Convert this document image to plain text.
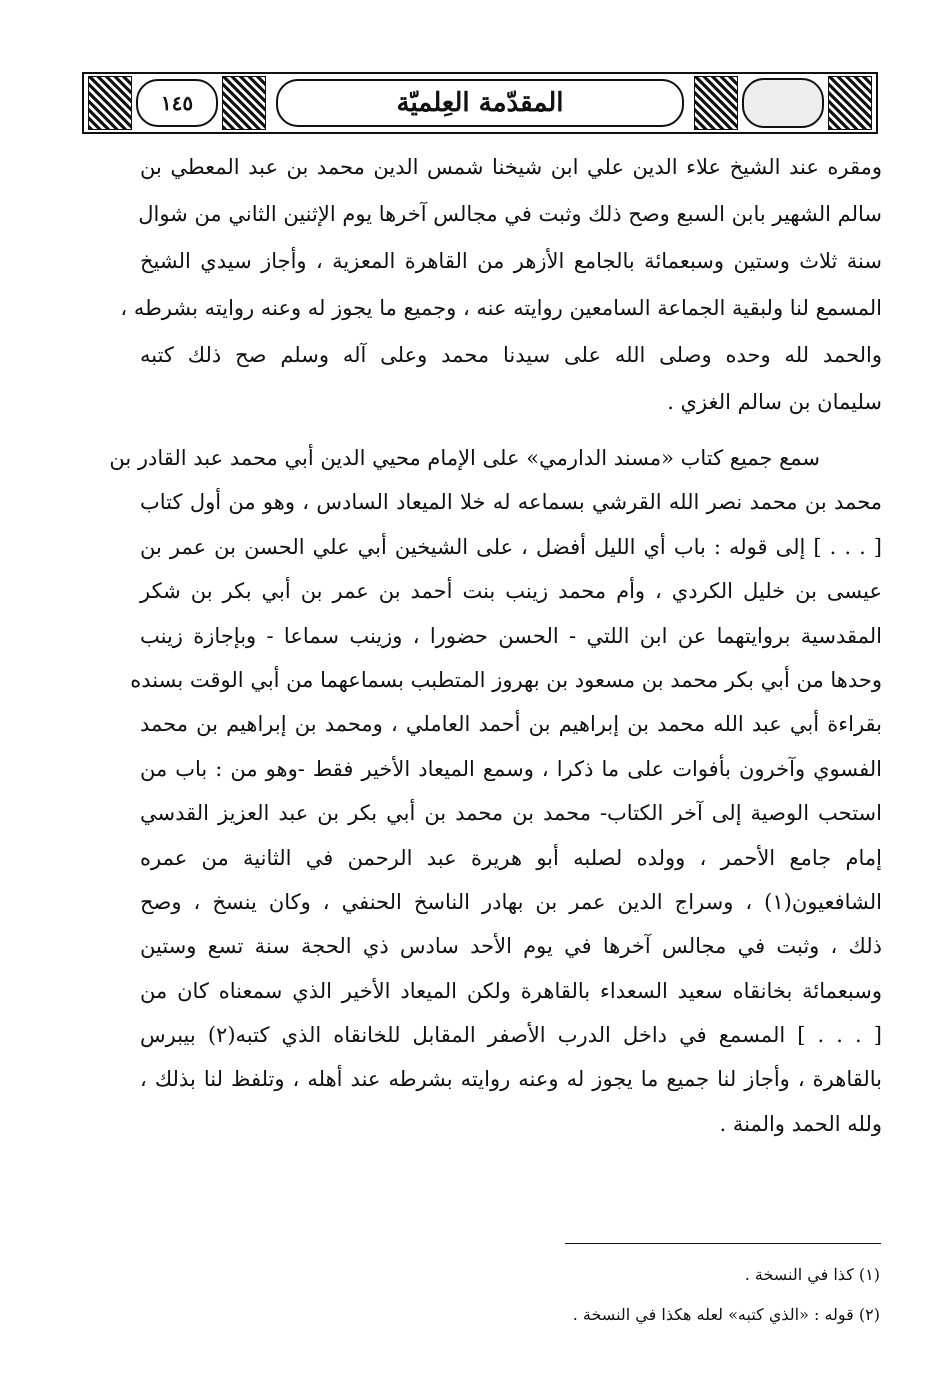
١٤٥	المقدّمة العِلميّة
ومقره عند الشيخ علاء الدين علي ابن شيخنا شمس الدين محمد بن عبد المعطي بن
سالم الشهير بابن السبع وصح ذلك وثبت في مجالس آخرها يوم الإثنين الثاني من شوال
سنة ثلاث وستين وسبعمائة بالجامع الأزهر من القاهرة المعزية ، وأجاز سيدي الشيخ
المسمع لنا ولبقية الجماعة السامعين روايته عنه ، وجميع ما يجوز له وعنه روايته بشرطه ،
والحمد لله وحده وصلى الله على سيدنا محمد وعلى آله وسلم صح ذلك كتبه
سليمان بن سالم الغزي .
سمع جميع كتاب «مسند الدارمي» على الإمام محيي الدين أبي محمد عبد القادر بن
محمد بن محمد نصر الله القرشي بسماعه له خلا الميعاد السادس ، وهو من أول كتاب
[ . . . ] إلى قوله : باب أي الليل أفضل ، على الشيخين أبي علي الحسن بن عمر بن
عيسى بن خليل الكردي ، وأم محمد زينب بنت أحمد بن عمر بن أبي بكر بن شكر
المقدسية بروايتهما عن ابن اللتي - الحسن حضورا ، وزينب سماعا - وبإجازة زينب
وحدها من أبي بكر محمد بن مسعود بن بهروز المتطبب بسماعهما من أبي الوقت بسنده
بقراءة أبي عبد الله محمد بن إبراهيم بن أحمد العاملي ، ومحمد بن إبراهيم بن محمد
الفسوي وآخرون بأفوات على ما ذكرا ، وسمع الميعاد الأخير فقط -وهو من : باب من
استحب الوصية إلى آخر الكتاب- محمد بن محمد بن أبي بكر بن عبد العزيز القدسي
إمام جامع الأحمر ، وولده لصلبه أبو هريرة عبد الرحمن في الثانية من عمره
الشافعيون(١) ، وسراج الدين عمر بن بهادر الناسخ الحنفي ، وكان ينسخ ، وصح
ذلك ، وثبت في مجالس آخرها في يوم الأحد سادس ذي الحجة سنة تسع وستين
وسبعمائة بخانقاه سعيد السعداء بالقاهرة ولكن الميعاد الأخير الذي سمعناه كان من
[ . . . ] المسمع في داخل الدرب الأصفر المقابل للخانقاه الذي كتبه(٢) بيبرس
بالقاهرة ، وأجاز لنا جميع ما يجوز له وعنه روايته بشرطه عند أهله ، وتلفظ لنا بذلك ،
ولله الحمد والمنة .
(١) كذا في النسخة .
(٢) قوله : «الذي كتبه» لعله هكذا في النسخة .
